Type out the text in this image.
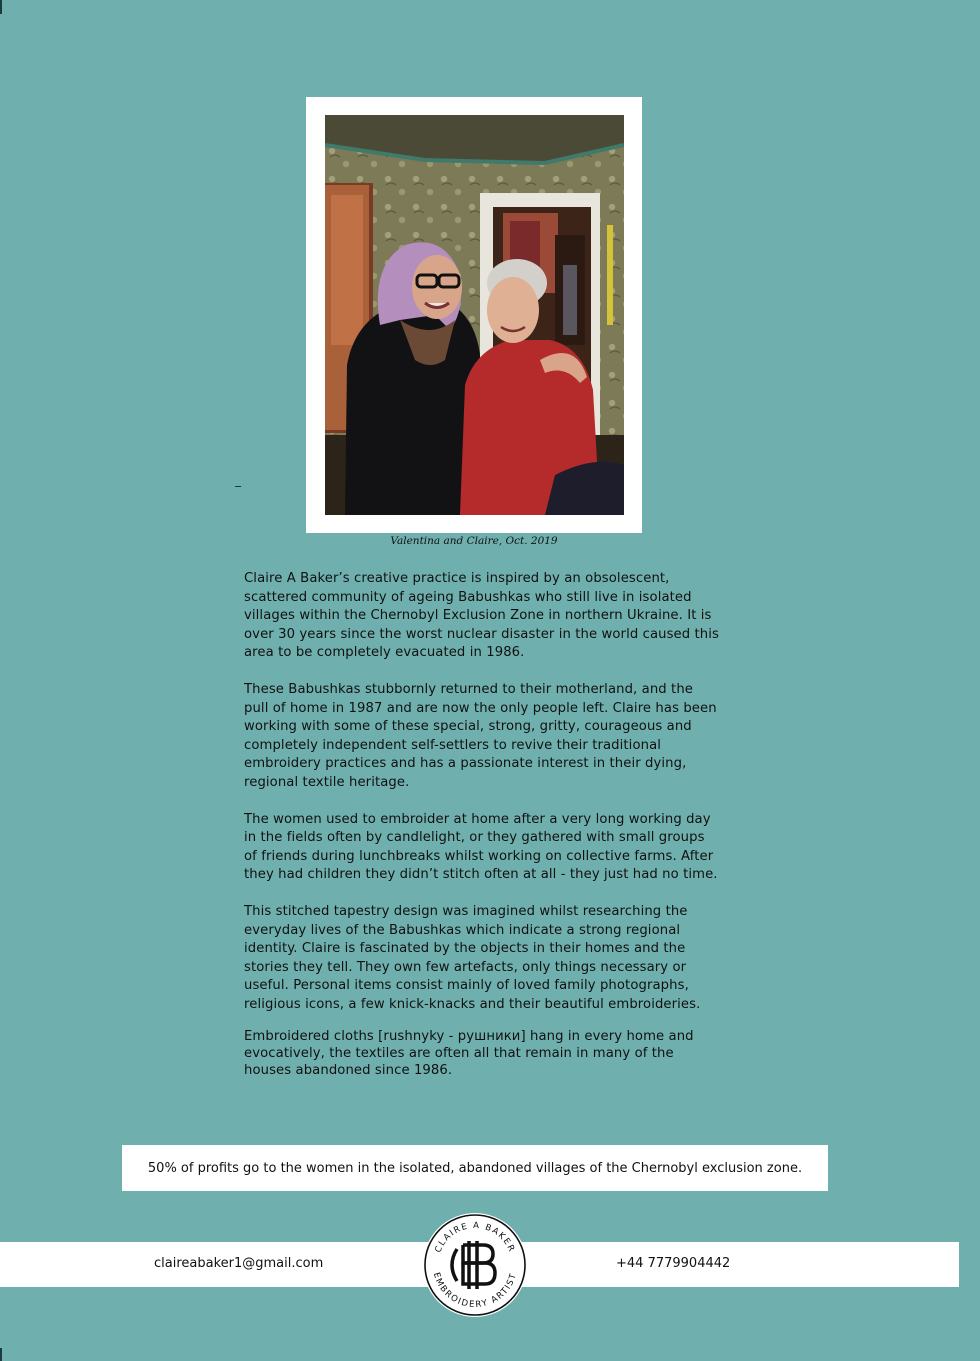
Valentina and Claire, Oct. 2019

Claire A Baker’s creative practice is inspired by an obsolescent, scattered community of ageing Babushkas who still live in isolated villages within the Chernobyl Exclusion Zone in northern Ukraine. It is over 30 years since the worst nuclear disaster in the world caused this area to be completely evacuated in 1986.

These Babushkas stubbornly returned to their motherland, and the pull of home in 1987 and are now the only people left. Claire has been working with some of these special, strong, gritty, courageous and completely independent self-settlers to revive their traditional embroidery practices and has a passionate interest in their dying, regional textile heritage.

The women used to embroider at home after a very long working day in the fields often by candlelight, or they gathered with small groups of friends during lunchbreaks whilst working on collective farms. After they had children they didn’t stitch often at all - they just had no time.

This stitched tapestry design was imagined whilst researching the everyday lives of the Babushkas which indicate a strong regional identity. Claire is fascinated by the objects in their homes and the stories they tell. They own few artefacts, only things necessary or useful. Personal items consist mainly of loved family photographs, religious icons, a few knick-knacks and their beautiful embroideries.

Embroidered cloths [rushnyky - рушники] hang in every home and evocatively, the textiles are often all that remain in many of the houses abandoned since 1986.

50% of profits go to the women in the isolated, abandoned villages of the Chernobyl exclusion zone.
claireabaker1@gmail.com	+44 7779904442
CLAIRE A BAKER
EMBROIDERY ARTIST
